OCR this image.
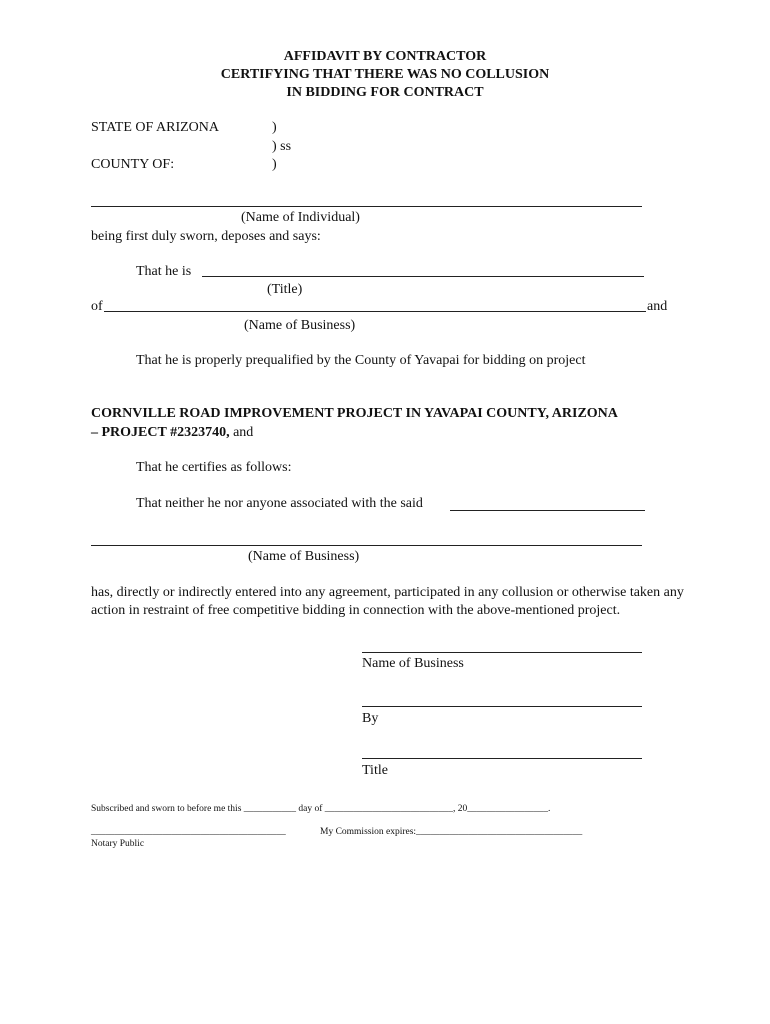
AFFIDAVIT BY CONTRACTOR
CERTIFYING THAT THERE WAS NO COLLUSION
IN BIDDING FOR CONTRACT
STATE OF ARIZONA	)
) ss
COUNTY OF:	)
(Name of Individual)
being first duly sworn, deposes and says:
That he is
(Title)
of	and
(Name of Business)
That he is properly prequalified by the County of Yavapai for bidding on project
CORNVILLE ROAD IMPROVEMENT PROJECT IN YAVAPAI COUNTY, ARIZONA
– PROJECT #2323740, and
That he certifies as follows:
That neither he nor anyone associated with the said
(Name of Business)
has, directly or indirectly entered into any agreement, participated in any collusion or otherwise taken any action in restraint of free competitive bidding in connection with the above-mentioned project.
Name of Business
By
Title
Subscribed and sworn to before me this ___________ day of ___________________________, 20_________________.
_________________________________________	My Commission expires:___________________________________
Notary Public
